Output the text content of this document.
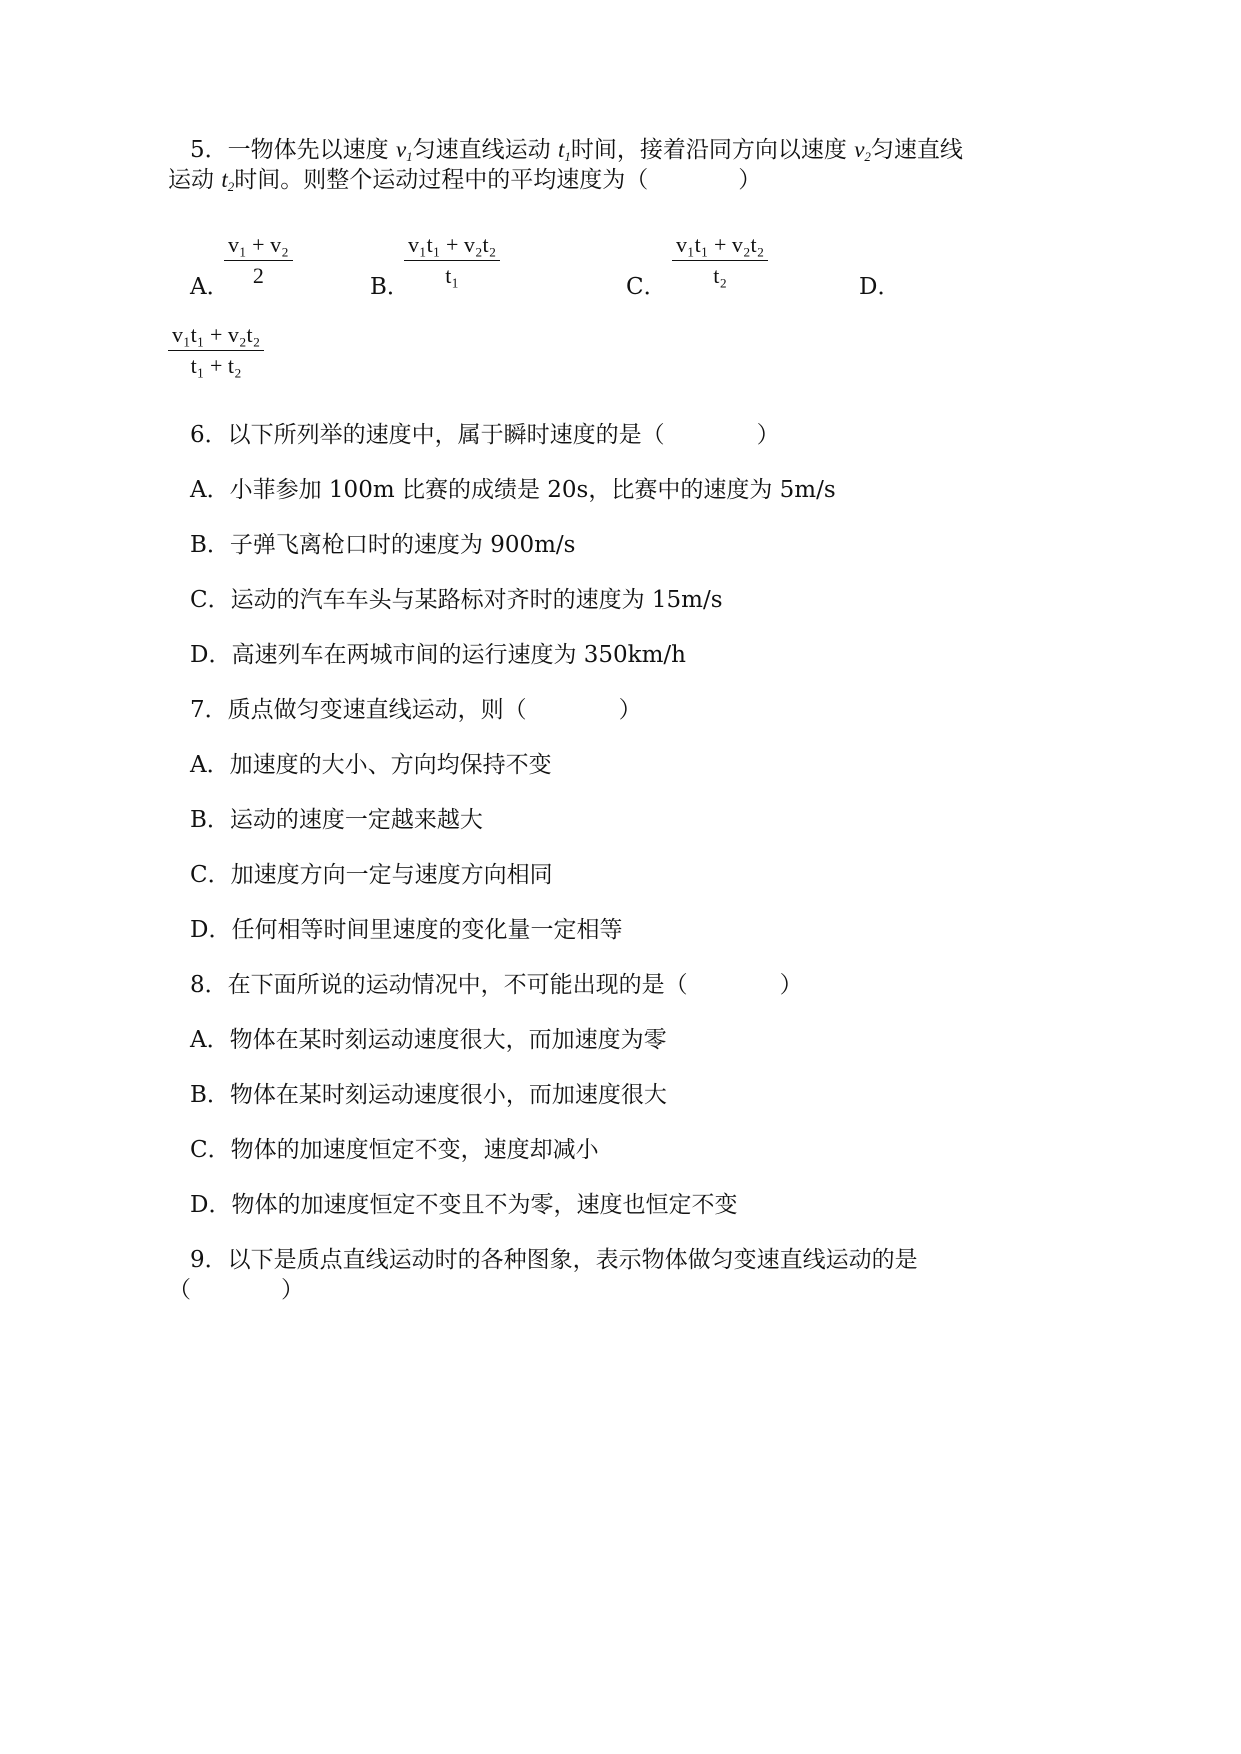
5．一物体先以速度 $v_1$匀速直线运动 $t_1$时间，接着沿同方向以速度 $v_2$匀速直线
运动 $t_2$时间。则整个运动过程中的平均速度为（	）
A．
v₁ + v₂
2	B．
v₁t₁ + v₂t₂
t₁	C．
v₁t₁ + v₂t₂
t₂	D．
v₁t₁ + v₂t₂
t₁ + t₂
6．以下所列举的速度中，属于瞬时速度的是（	）
A．小菲参加 100m 比赛的成绩是 20s，比赛中的速度为 5m/s
B．子弹飞离枪口时的速度为 900m/s
C．运动的汽车车头与某路标对齐时的速度为 15m/s
D．高速列车在两城市间的运行速度为 350km/h
7．质点做匀变速直线运动，则（	）
A．加速度的大小、方向均保持不变
B．运动的速度一定越来越大
C．加速度方向一定与速度方向相同
D．任何相等时间里速度的变化量一定相等
8．在下面所说的运动情况中，不可能出现的是（	）
A．物体在某时刻运动速度很大，而加速度为零
B．物体在某时刻运动速度很小，而加速度很大
C．物体的加速度恒定不变，速度却减小
D．物体的加速度恒定不变且不为零，速度也恒定不变
9．以下是质点直线运动时的各种图象，表示物体做匀变速直线运动的是
（	）
